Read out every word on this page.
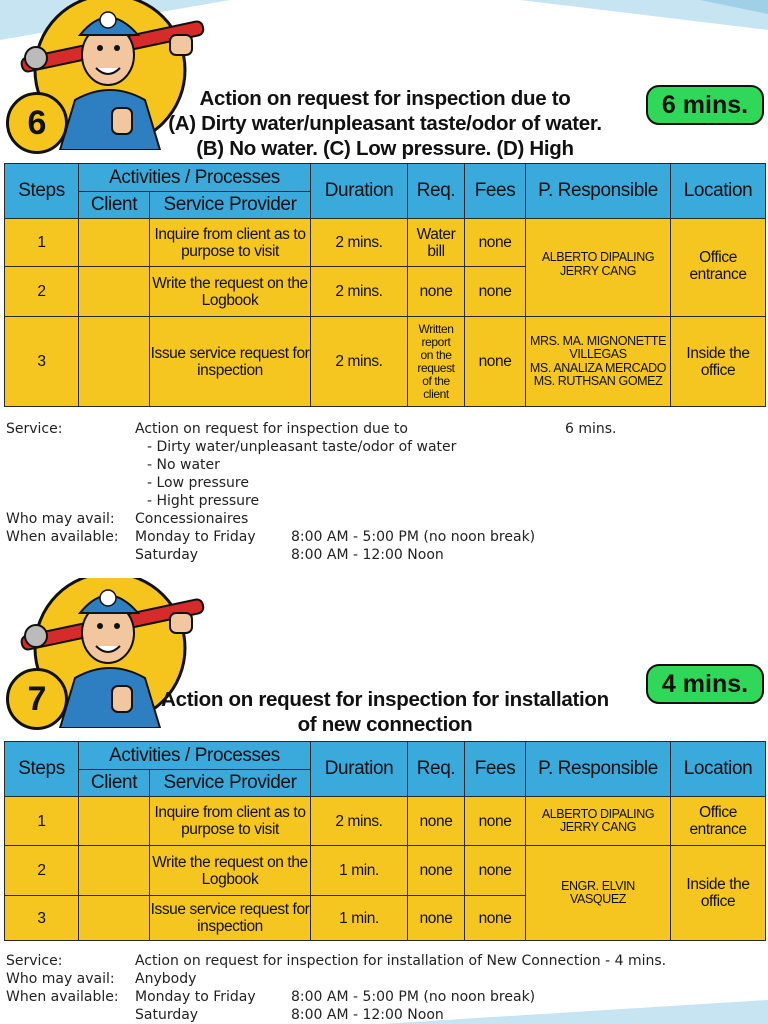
6
Action on request for inspection due to
(A) Dirty water/unpleasant taste/odor of water.
(B) No water. (C) Low pressure. (D) High
6 mins.
Steps	Activities / Processes		Duration	Req.	Fees	P. Responsible	Location
	Client	Service Provider					
1		Inquire from client as to purpose to visit	2 mins.	Water bill	none	ALBERTO DIPALING
JERRY CANG	Office entrance
2		Write the request on the Logbook	2 mins.	none	none		
3		Issue service request for inspection	2 mins.	Written report on the request of the client	none	MRS. MA. MIGNONETTE VILLEGAS
MS. ANALIZA MERCADO
MS. RUTHSAN GOMEZ	Inside the office
Service:	Action on request for inspection due to	6 mins.
- Dirty water/unpleasant taste/odor of water
- No water
- Low pressure
- Hight pressure
Who may avail: Concessionaires
When available: Monday to Friday	8:00 AM - 5:00 PM (no noon break)
Saturday	8:00 AM - 12:00 Noon
7	Action on request for inspection for installation
of new connection
4 mins.
Steps	Activities / Processes		Duration	Req.	Fees	P. Responsible	Location
	Client	Service Provider					
1		Inquire from client as to purpose to visit	2 mins.	none	none	ALBERTO DIPALING
JERRY CANG	Office entrance
2		Write the request on the Logbook	1 min.	none	none	ENGR. ELVIN
VASQUEZ	Inside the office
3		Issue service request for inspection	1 min.	none	none		
Service:	Action on request for inspection for installation of New Connection - 4 mins.
Who may avail: Anybody
When available: Monday to Friday	8:00 AM - 5:00 PM (no noon break)
Saturday	8:00 AM - 12:00 Noon
